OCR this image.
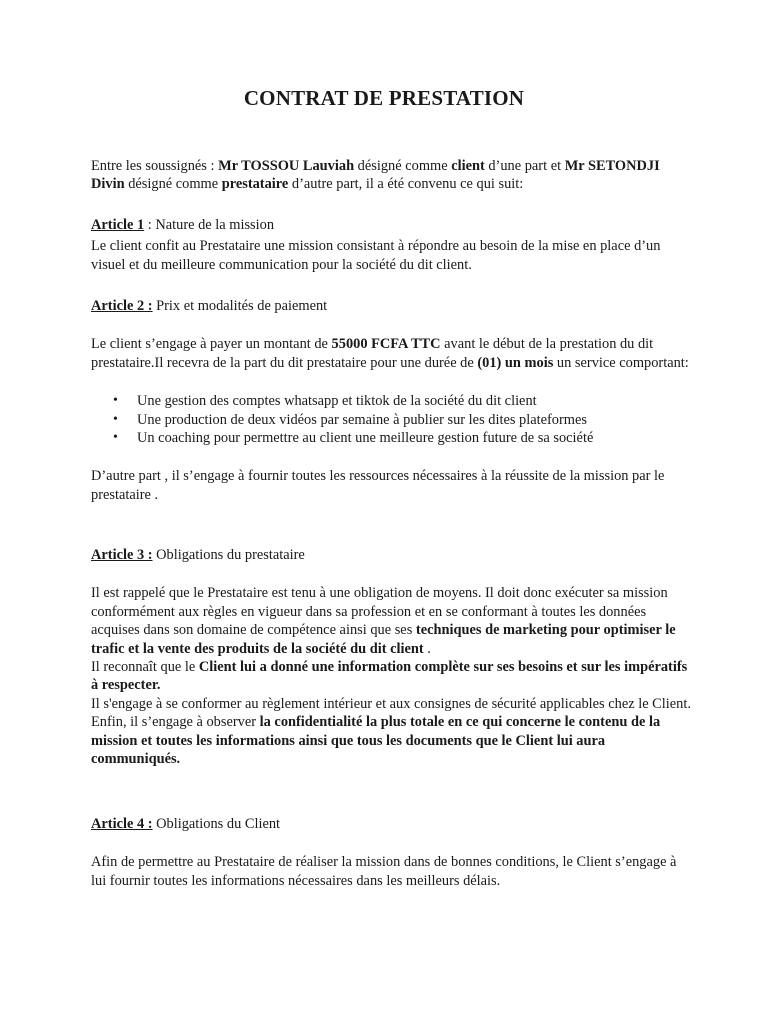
CONTRAT DE PRESTATION

Entre les soussignés : Mr TOSSOU Lauviah désigné comme client d’une part et Mr SETONDJI Divin désigné comme prestataire d’autre part, il a été convenu ce qui suit:

Article 1 : Nature de la mission

Le client confit au Prestataire une mission consistant à répondre au besoin de la mise en place d’un visuel et du meilleure communication pour la société du dit client.

Article 2 : Prix et modalités de paiement

Le client s’engage à payer un montant de 55000 FCFA TTC avant le début de la prestation du dit prestataire.Il recevra de la part du dit prestataire pour une durée de (01) un mois un service comportant:

• Une gestion des comptes whatsapp et tiktok de la société du dit client
• Une production de deux vidéos par semaine à publier sur les dites plateformes
• Un coaching pour permettre au client une meilleure gestion future de sa société

D’autre part , il s’engage à fournir toutes les ressources nécessaires à la réussite de la mission par le prestataire .

Article 3 : Obligations du prestataire

Il est rappelé que le Prestataire est tenu à une obligation de moyens. Il doit donc exécuter sa mission conformément aux règles en vigueur dans sa profession et en se conformant à toutes les données acquises dans son domaine de compétence ainsi que ses techniques de marketing pour optimiser le trafic et la vente des produits de la société du dit client .

Il reconnaît que le Client lui a donné une information complète sur ses besoins et sur les impératifs à respecter.

Il s'engage à se conformer au règlement intérieur et aux consignes de sécurité applicables chez le Client.

Enfin, il s’engage à observer la confidentialité la plus totale en ce qui concerne le contenu de la mission et toutes les informations ainsi que tous les documents que le Client lui aura communiqués.

Article 4 : Obligations du Client

Afin de permettre au Prestataire de réaliser la mission dans de bonnes conditions, le Client s’engage à lui fournir toutes les informations nécessaires dans les meilleurs délais.
